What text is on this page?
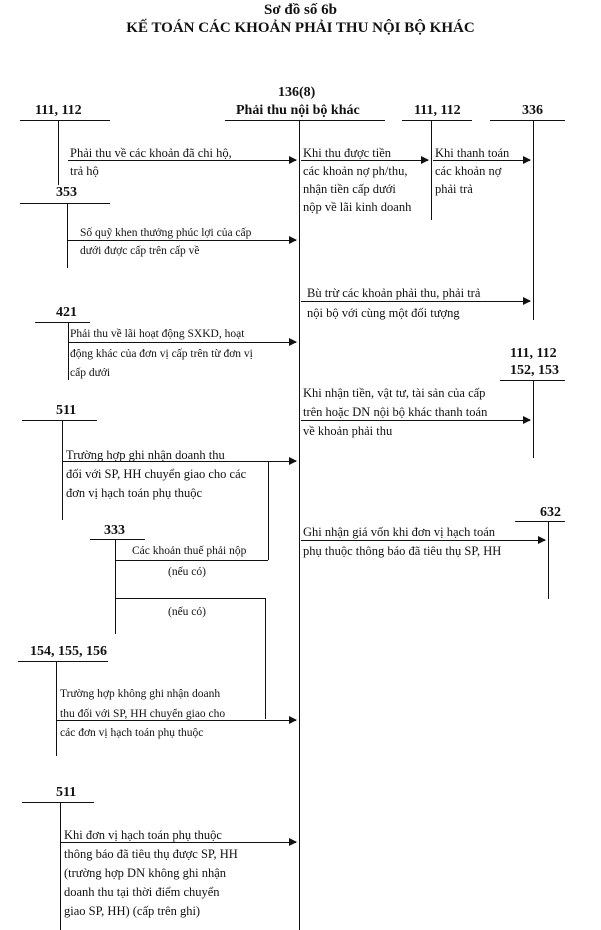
Sơ đồ số 6b
KẾ TOÁN CÁC KHOẢN PHẢI THU NỘI BỘ KHÁC
136(8)
Phải thu nội bộ khác
111, 112	111, 112	336
Phải thu về các khoản đã chi hộ,
trả hộ
Khi thu được tiền
các khoản nợ ph/thu,
nhận tiền cấp dưới
nộp về lãi kinh doanh
Khi thanh toán
các khoản nợ
phải trả
353
Số quỹ khen thưởng phúc lợi của cấp
dưới được cấp trên cấp về
Bù trừ các khoản phải thu, phải trả
nội bộ với cùng một đối tượng
421
Phải thu về lãi hoạt động SXKD, hoạt
động khác của đơn vị cấp trên từ đơn vị
cấp dưới
111, 112
152, 153
Khi nhận tiền, vật tư, tài sản của cấp
trên hoặc DN nội bộ khác thanh toán
về khoản phải thu
511
Trường hợp ghi nhận doanh thu
đối với SP, HH chuyển giao cho các
đơn vị hạch toán phụ thuộc
632
Ghi nhận giá vốn khi đơn vị hạch toán
phụ thuộc thông báo đã tiêu thụ SP, HH
333
Các khoản thuế phải nộp
(nếu có)
(nếu có)
154, 155, 156
Trường hợp không ghi nhận doanh
thu đối với SP, HH chuyển giao cho
các đơn vị hạch toán phụ thuộc
511
Khi đơn vị hạch toán phụ thuộc
thông báo đã tiêu thụ được SP, HH
(trường hợp DN không ghi nhận
doanh thu tại thời điểm chuyển
giao SP, HH) (cấp trên ghi)
